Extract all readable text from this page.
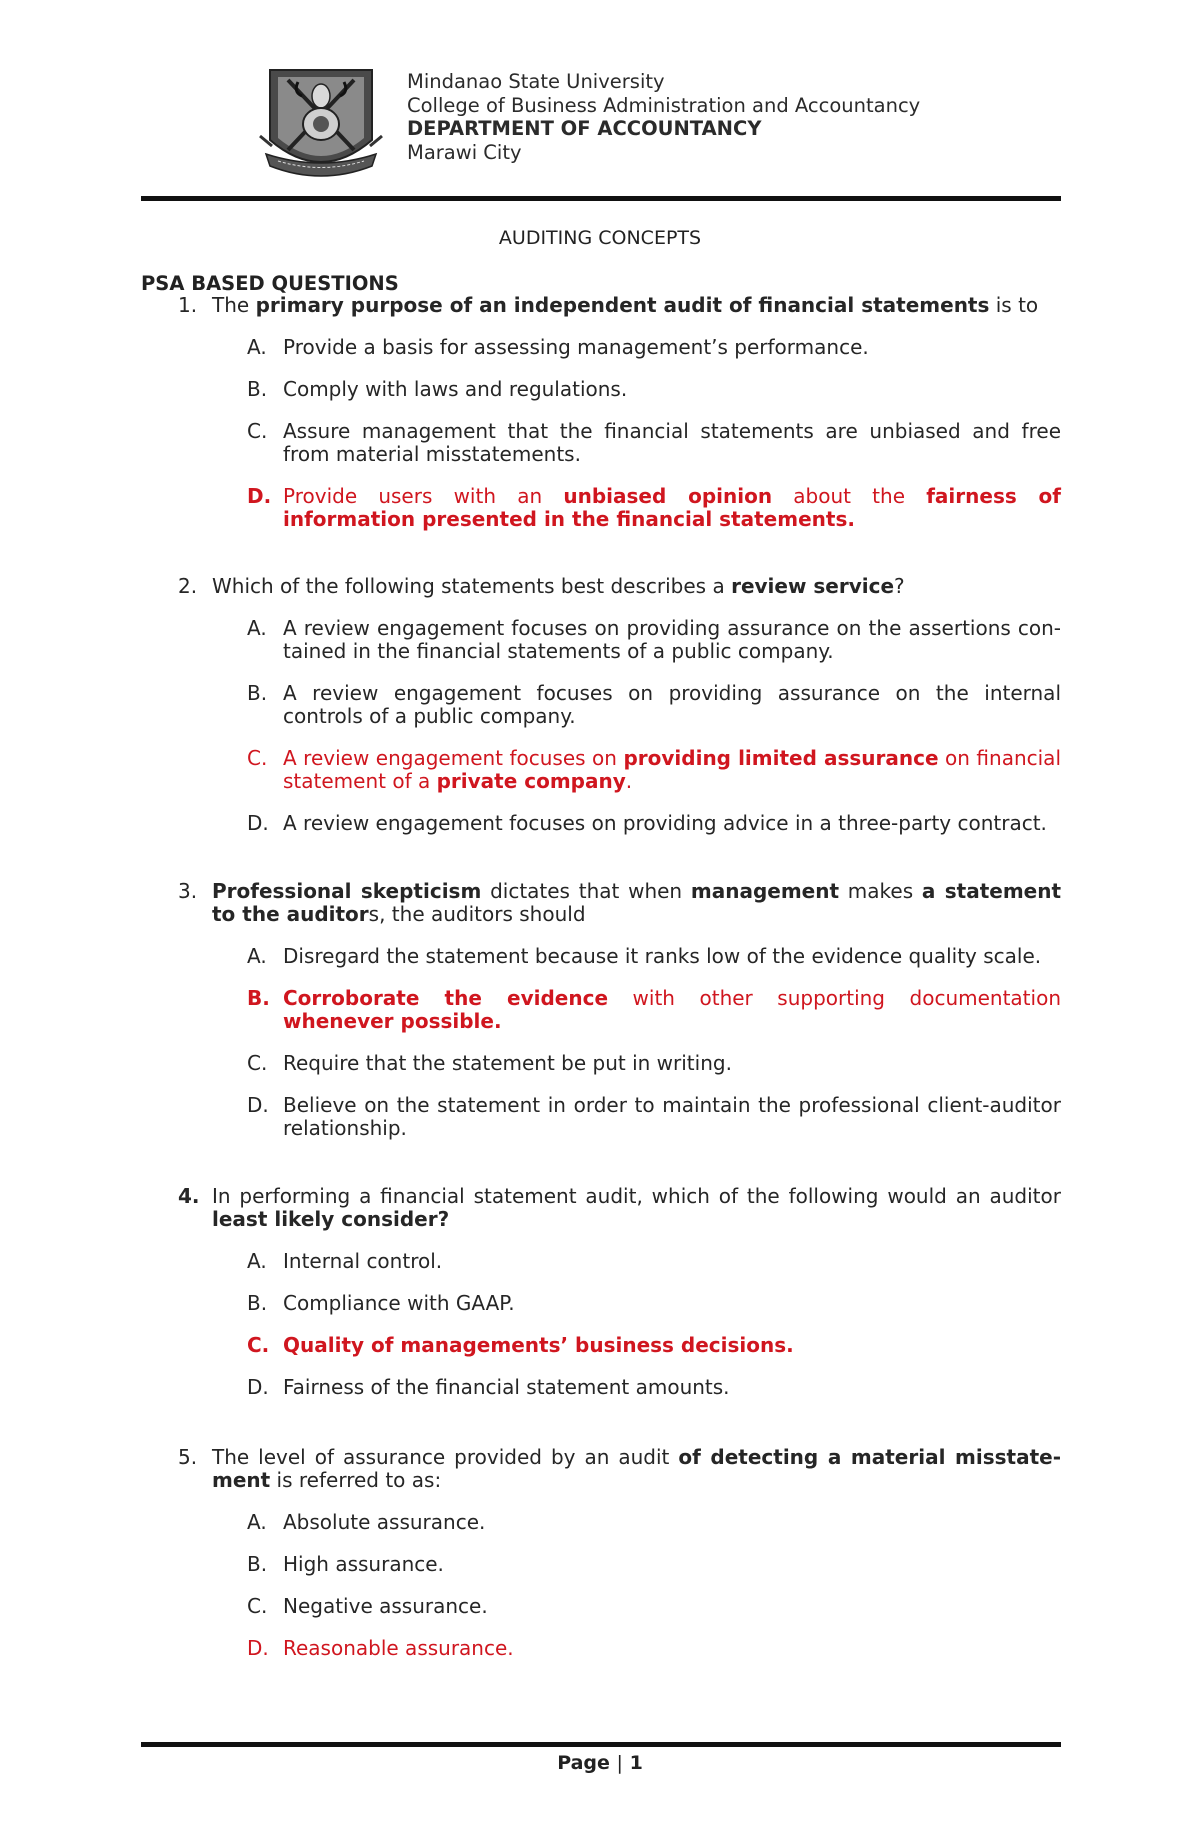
Mindanao State University
College of Business Administration and Accountancy
DEPARTMENT OF ACCOUNTANCY
Marawi City
AUDITING CONCEPTS
PSA BASED QUESTIONS
1. The primary purpose of an independent audit of financial statements is to
A. Provide a basis for assessing management’s performance.
B. Comply with laws and regulations.
C. Assure management that the financial statements are unbiased and free from material misstatements.
D. Provide users with an unbiased opinion about the fairness of information presented in the financial statements.
2. Which of the following statements best describes a review service?
A. A review engagement focuses on providing assurance on the assertions con-tained in the financial statements of a public company.
B. A review engagement focuses on providing assurance on the internal controls of a public company.
C. A review engagement focuses on providing limited assurance on financial statement of a private company.
D. A review engagement focuses on providing advice in a three-party contract.
3. Professional skepticism dictates that when management makes a statement to the auditors, the auditors should
A. Disregard the statement because it ranks low of the evidence quality scale.
B. Corroborate the evidence with other supporting documentation whenever possible.
C. Require that the statement be put in writing.
D. Believe on the statement in order to maintain the professional client-auditor relationship.
4. In performing a financial statement audit, which of the following would an auditor least likely consider?
A. Internal control.
B. Compliance with GAAP.
C. Quality of managements’ business decisions.
D. Fairness of the financial statement amounts.
5. The level of assurance provided by an audit of detecting a material misstate-ment is referred to as:
A. Absolute assurance.
B. High assurance.
C. Negative assurance.
D. Reasonable assurance.
Page | 1
